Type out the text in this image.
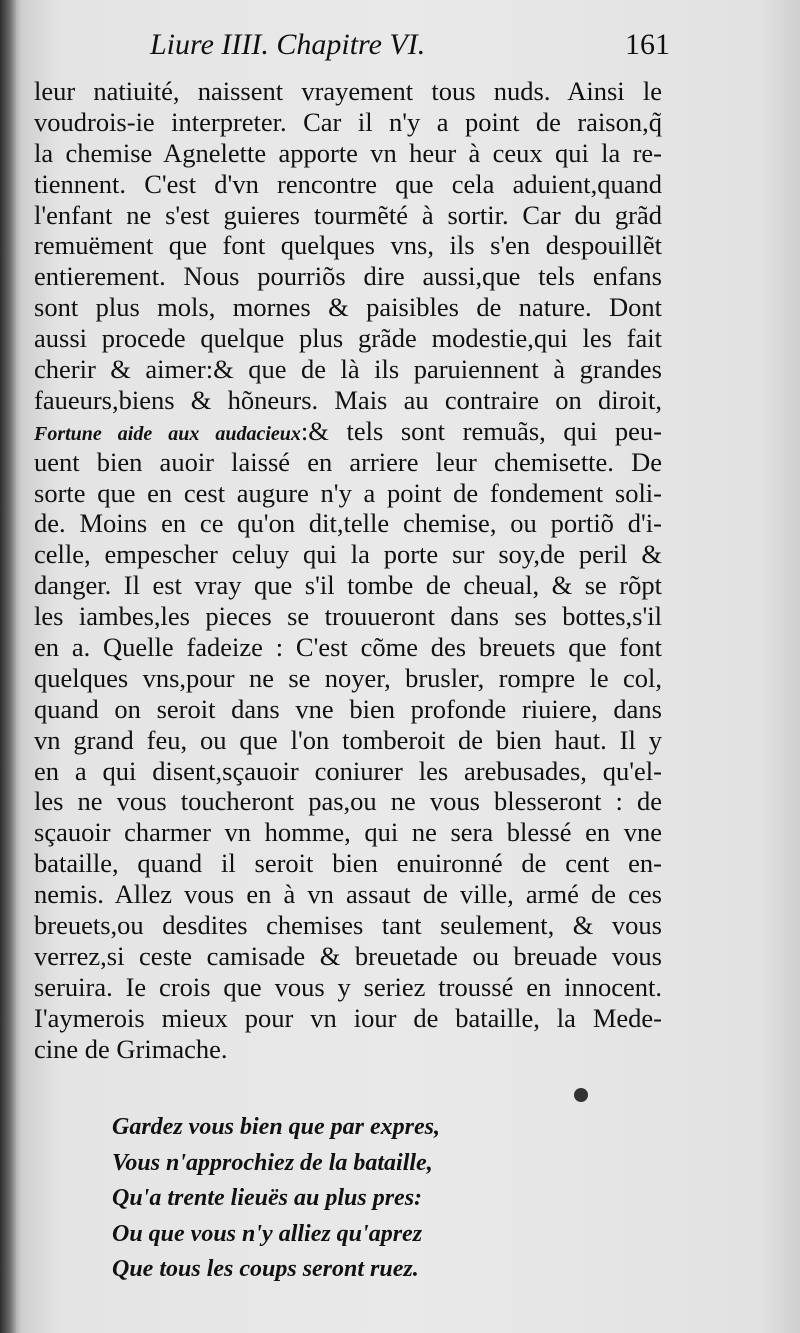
Liure IIII. Chapitre VI.	161
leur natiuité, naissent vrayement tous nuds. Ainsi le
voudrois-ie interpreter. Car il n'y a point de raison,q̃
la chemise Agnelette apporte vn heur à ceux qui la re-
tiennent. C'est d'vn rencontre que cela aduient,quand
l'enfant ne s'est guieres tourmẽté à sortir. Car du grãd
remuëment que font quelques vns, ils s'en despouillẽt
entierement. Nous pourriõs dire aussi,que tels enfans
sont plus mols, mornes & paisibles de nature. Dont
aussi procede quelque plus grãde modestie,qui les fait
cherir & aimer:& que de là ils paruiennent à grandes
faueurs,biens & hõneurs. Mais au contraire on diroit,
Fortune aide aux audacieux:& tels sont remuãs, qui peu-
uent bien auoir laissé en arriere leur chemisette. De
sorte que en cest augure n'y a point de fondement soli-
de. Moins en ce qu'on dit,telle chemise, ou portiõ d'i-
celle, empescher celuy qui la porte sur soy,de peril &
danger. Il est vray que s'il tombe de cheual, & se rõpt
les iambes,les pieces se trouueront dans ses bottes,s'il
en a. Quelle fadeize : C'est cõme des breuets que font
quelques vns,pour ne se noyer, brusler, rompre le col,
quand on seroit dans vne bien profonde riuiere, dans
vn grand feu, ou que l'on tomberoit de bien haut. Il y
en a qui disent,sçauoir coniurer les arebusades, qu'el-
les ne vous toucheront pas,ou ne vous blesseront : de
sçauoir charmer vn homme, qui ne sera blessé en vne
bataille, quand il seroit bien enuironné de cent en-
nemis. Allez vous en à vn assaut de ville, armé de ces
breuets,ou desdites chemises tant seulement, & vous
verrez,si ceste camisade & breuetade ou breuade vous
seruira. Ie crois que vous y seriez troussé en innocent.
I'aymerois mieux pour vn iour de bataille, la Mede-
cine de Grimache.
Gardez vous bien que par expres,
Vous n'approchiez de la bataille,
Qu'a trente lieuës au plus pres:
Ou que vous n'y alliez qu'aprez
Que tous les coups seront ruez.
